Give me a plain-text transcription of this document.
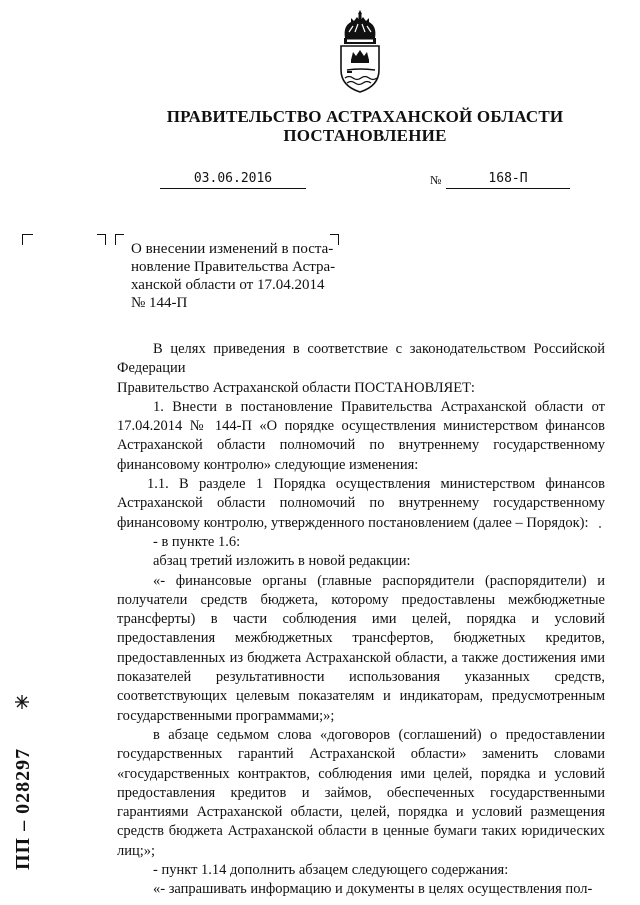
ПРАВИТЕЛЬСТВО АСТРАХАНСКОЙ ОБЛАСТИ
ПОСТАНОВЛЕНИЕ
03.06.2016	№	168-П
О внесении изменений в поста-
новление Правительства Астра-
ханской области от 17.04.2014
№ 144-П

В целях приведения в соответствие с законодательством Российской Федерации

Правительство Астраханской области ПОСТАНОВЛЯЕТ:

1. Внести в постановление Правительства Астраханской области от 17.04.2014 № 144-П «О порядке осуществления министерством финансов Астраханской области полномочий по внутреннему государственному финансовому контролю» следующие изменения:

1.1. В разделе 1 Порядка осуществления министерством финансов Астраханской области полномочий по внутреннему государственному финансовому контролю, утвержденного постановлением (далее – Порядок):

- в пункте 1.6:

абзац третий изложить в новой редакции:

«- финансовые органы (главные распорядители (распорядители) и получатели средств бюджета, которому предоставлены межбюджетные трансферты) в части соблюдения ими целей, порядка и условий предоставления межбюджетных трансфертов, бюджетных кредитов, предоставленных из бюджета Астраханской области, а также достижения ими показателей результативности использования указанных средств, соответствующих целевым показателям и индикаторам, предусмотренным государственными программами;»;

в абзаце седьмом слова «договоров (соглашений) о предоставлении государственных гарантий Астраханской области» заменить словами «государственных контрактов, соблюдения ими целей, порядка и условий предоставления кредитов и займов, обеспеченных государственными гарантиями Астраханской области, целей, порядка и условий размещения средств бюджета Астраханской области в ценные бумаги таких юридических лиц;»;

- пункт 1.14 дополнить абзацем следующего содержания:

«- запрашивать информацию и документы в целях осуществления пол-

ПП – 028297
